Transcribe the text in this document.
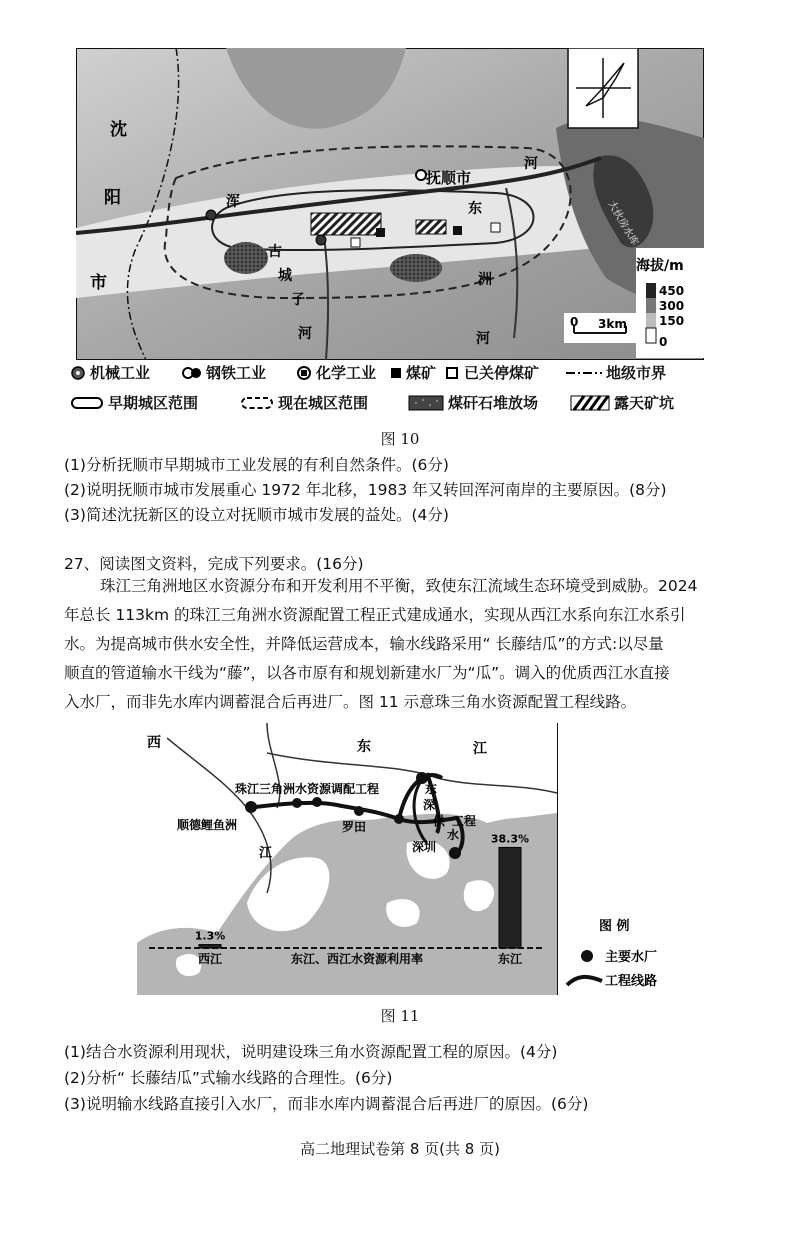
海拔/m
450
300
150
0
0 3km
沈
阳
市
抚顺市
浑
河
东
洲
古
城
子
河	河
大伙房水库
机械工业	钢铁工业	化学工业 煤矿 已关停煤矿	地级市界
早期城区范围	现在城区范围	煤矸石堆放场	露天矿坑
图 10
(1)分析抚顺市早期城市工业发展的有利自然条件。(6分)
(2)说明抚顺市城市发展重心 1972 年北移，1983 年又转回浑河南岸的主要原因。(8分)
(3)简述沈抚新区的设立对抚顺市城市发展的益处。(4分)
27、阅读图文资料，完成下列要求。(16分)
珠江三角洲地区水资源分布和开发利用不平衡，致使东江流域生态环境受到威胁。2024
年总长 113km 的珠江三角洲水资源配置工程正式建成通水，实现从西江水系向东江水系引
水。为提高城市供水安全性，并降低运营成本，输水线路采用“ 长藤结瓜”的方式:以尽量
顺直的管道输水干线为“藤”，以各市原有和规划新建水厂为“瓜”。调入的优质西江水直接
入水厂，而非先水库内调蓄混合后再进厂。图 11 示意珠三角水资源配置工程线路。
1.3%
38.3%
西江	东江
东江、西江水资源利用率
西	东	江
珠江三角洲水资源调配工程
顺德鲤鱼洲
江
罗田
东
深
供
水
工程
深圳
图 例
主要水厂
工程线路
图 11
(1)结合水资源利用现状，说明建设珠三角水资源配置工程的原因。(4分)
(2)分析“ 长藤结瓜”式输水线路的合理性。(6分)
(3)说明输水线路直接引入水厂，而非水库内调蓄混合后再进厂的原因。(6分)
高二地理试卷第 8 页(共 8 页)
